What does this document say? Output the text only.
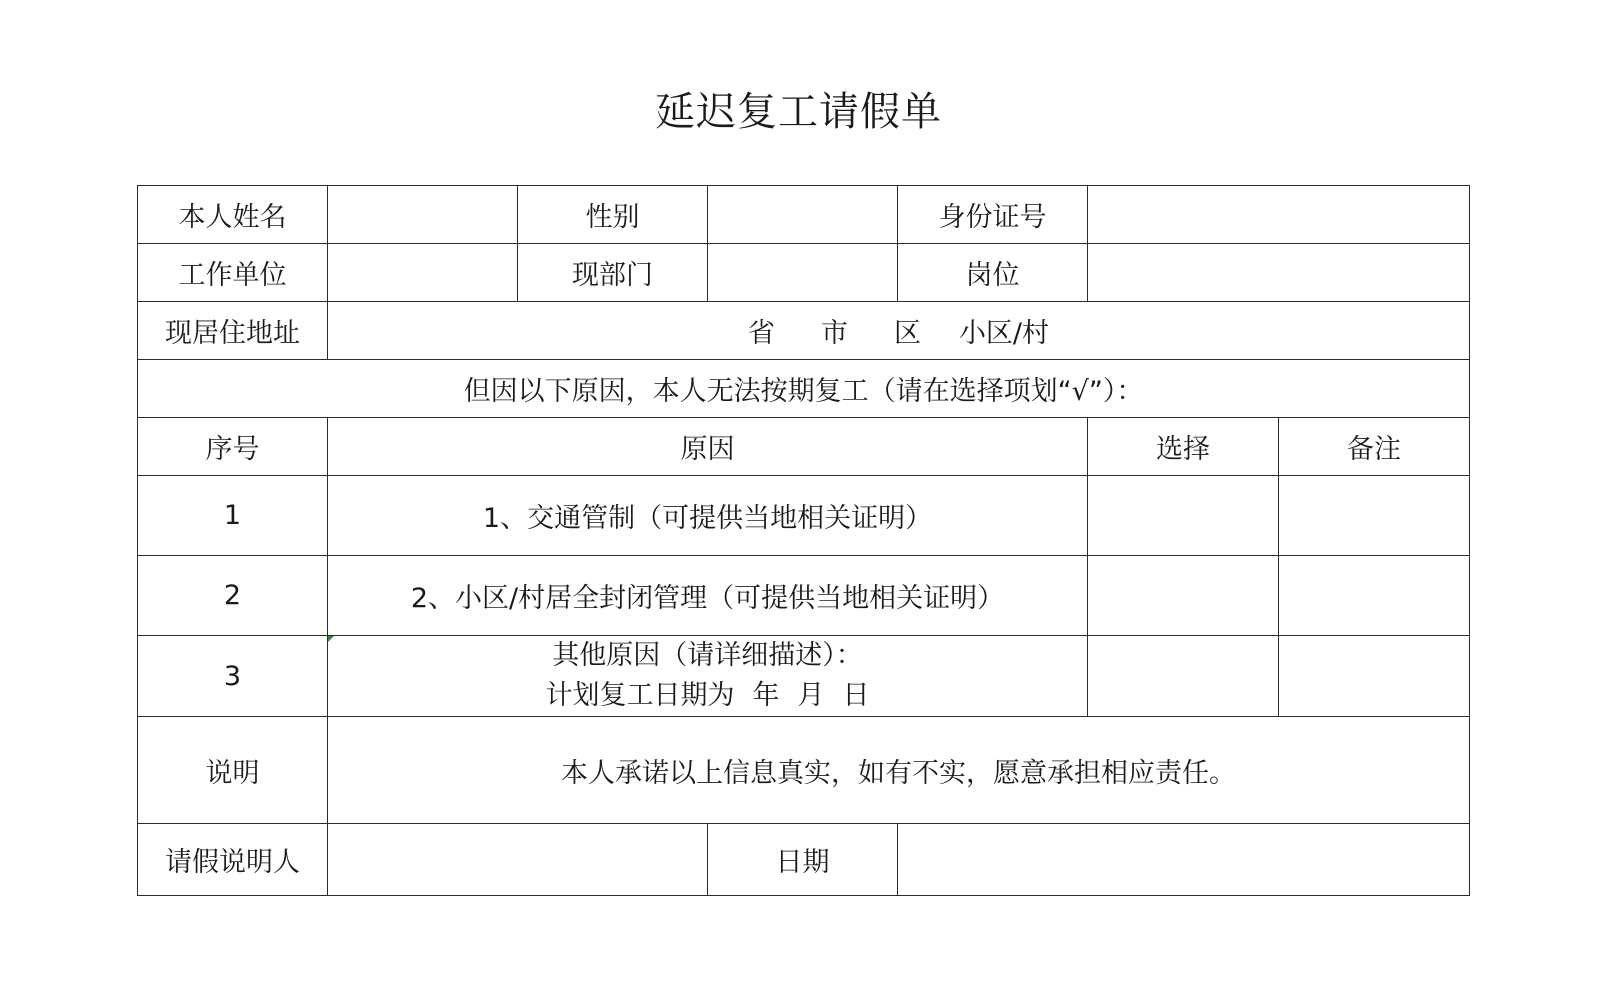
延迟复工请假单
本人姓名		性别		身份证号		
工作单位		现部门		岗位		
现居住地址	省 市 区 小区/村					
但因以下原因，本人无法按期复工（请在选择项划“√”）：						
序号	原因				选择	备注
1	1、交通管制（可提供当地相关证明）					
2	2、小区/村居全封闭管理（可提供当地相关证明）					
3	其他原因（请详细描述）：
计划复工日期为 年 月 日					

说明	本人承诺以上信息真实，如有不实，愿意承担相应责任。					
请假说明人			日期			
